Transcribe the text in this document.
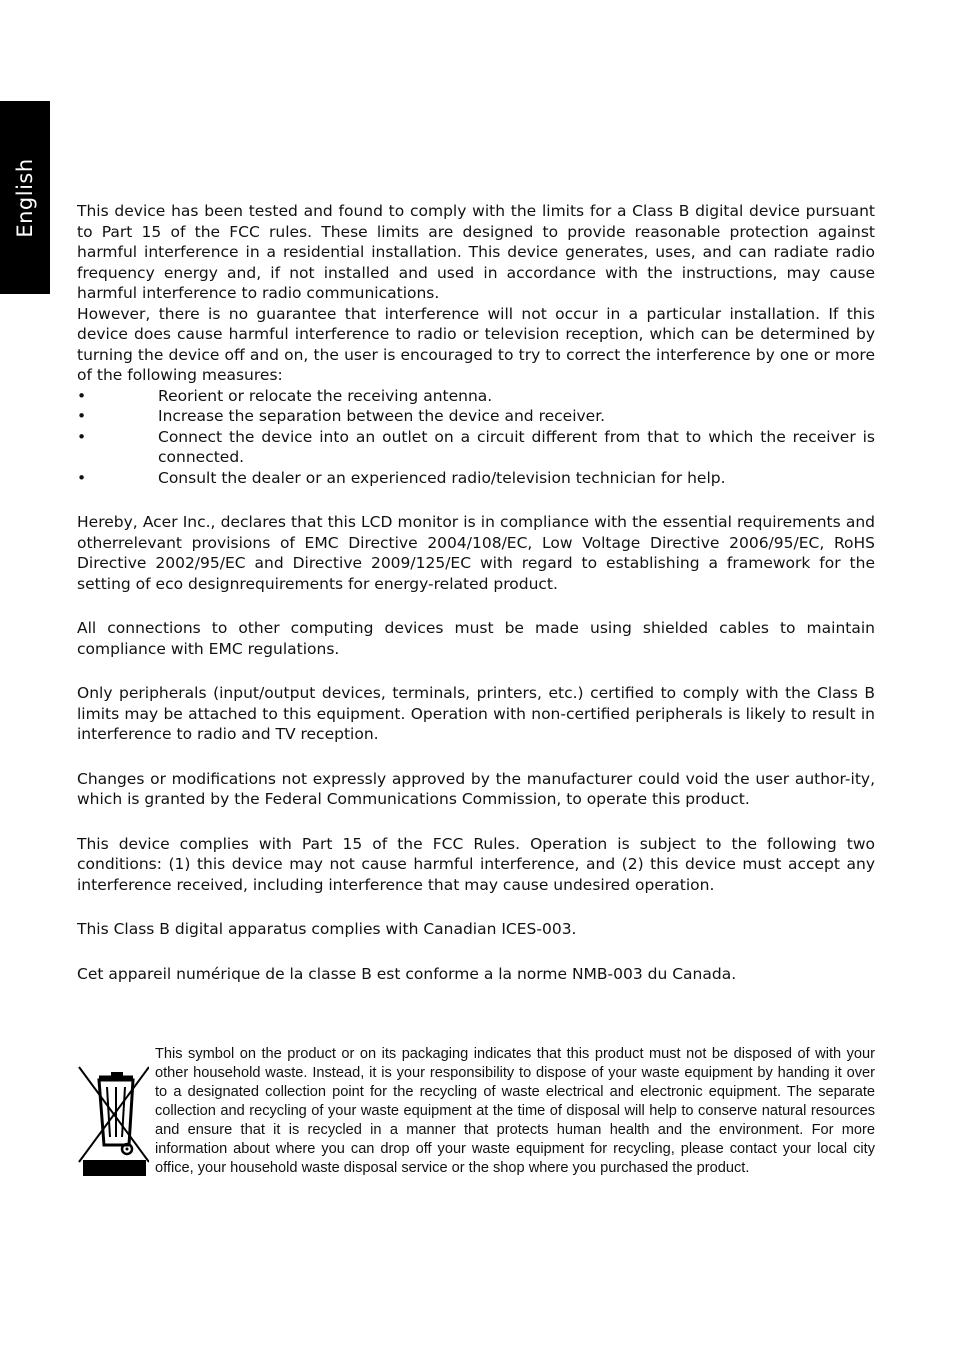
English	This device has been tested and found to comply with the limits for a Class B digital device pursuant to Part 15 of the FCC rules. These limits are designed to provide reasonable protection against harmful interference in a residential installation. This device generates, uses, and can radiate radio frequency energy and, if not installed and used in accordance with the instructions, may cause harmful interference to radio communications.

However, there is no guarantee that interference will not occur in a particular installation. If this device does cause harmful interference to radio or television reception, which can be determined by turning the device off and on, the user is encouraged to try to correct the interference by one or more of the following measures:

•	Reorient or relocate the receiving antenna.
•	Increase the separation between the device and receiver.
•	Connect the device into an outlet on a circuit different from that to which the receiver is connected.
•	Consult the dealer or an experienced radio/television technician for help.

Hereby, Acer Inc., declares that this LCD monitor is in compliance with the essential requirements and otherrelevant provisions of EMC Directive 2004/108/EC, Low Voltage Directive 2006/95/EC, RoHS Directive 2002/95/EC and Directive 2009/125/EC with regard to establishing a framework for the setting of eco designrequirements for energy-related product.

All connections to other computing devices must be made using shielded cables to maintain compliance with EMC regulations.

Only peripherals (input/output devices, terminals, printers, etc.) certified to comply with the Class B limits may be attached to this equipment. Operation with non-certified peripherals is likely to result in interference to radio and TV reception.

Changes or modifications not expressly approved by the manufacturer could void the user author-ity, which is granted by the Federal Communications Commission, to operate this product.

This device complies with Part 15 of the FCC Rules. Operation is subject to the following two conditions: (1) this device may not cause harmful interference, and (2) this device must accept any interference received, including interference that may cause undesired operation.

This Class B digital apparatus complies with Canadian ICES-003.

Cet appareil numérique de la classe B est conforme a la norme NMB-003 du Canada.

This symbol on the product or on its packaging indicates that this product must not be disposed of with your other household waste. Instead, it is your responsibility to dispose of your waste equipment by handing it over to a designated collection point for the recycling of waste electrical and electronic equipment. The separate collection and recycling of your waste equipment at the time of disposal will help to conserve natural resources and ensure that it is recycled in a manner that protects human health and the environment. For more information about where you can drop off your waste equipment for recycling, please contact your local city office, your household waste disposal service or the shop where you purchased the product.
